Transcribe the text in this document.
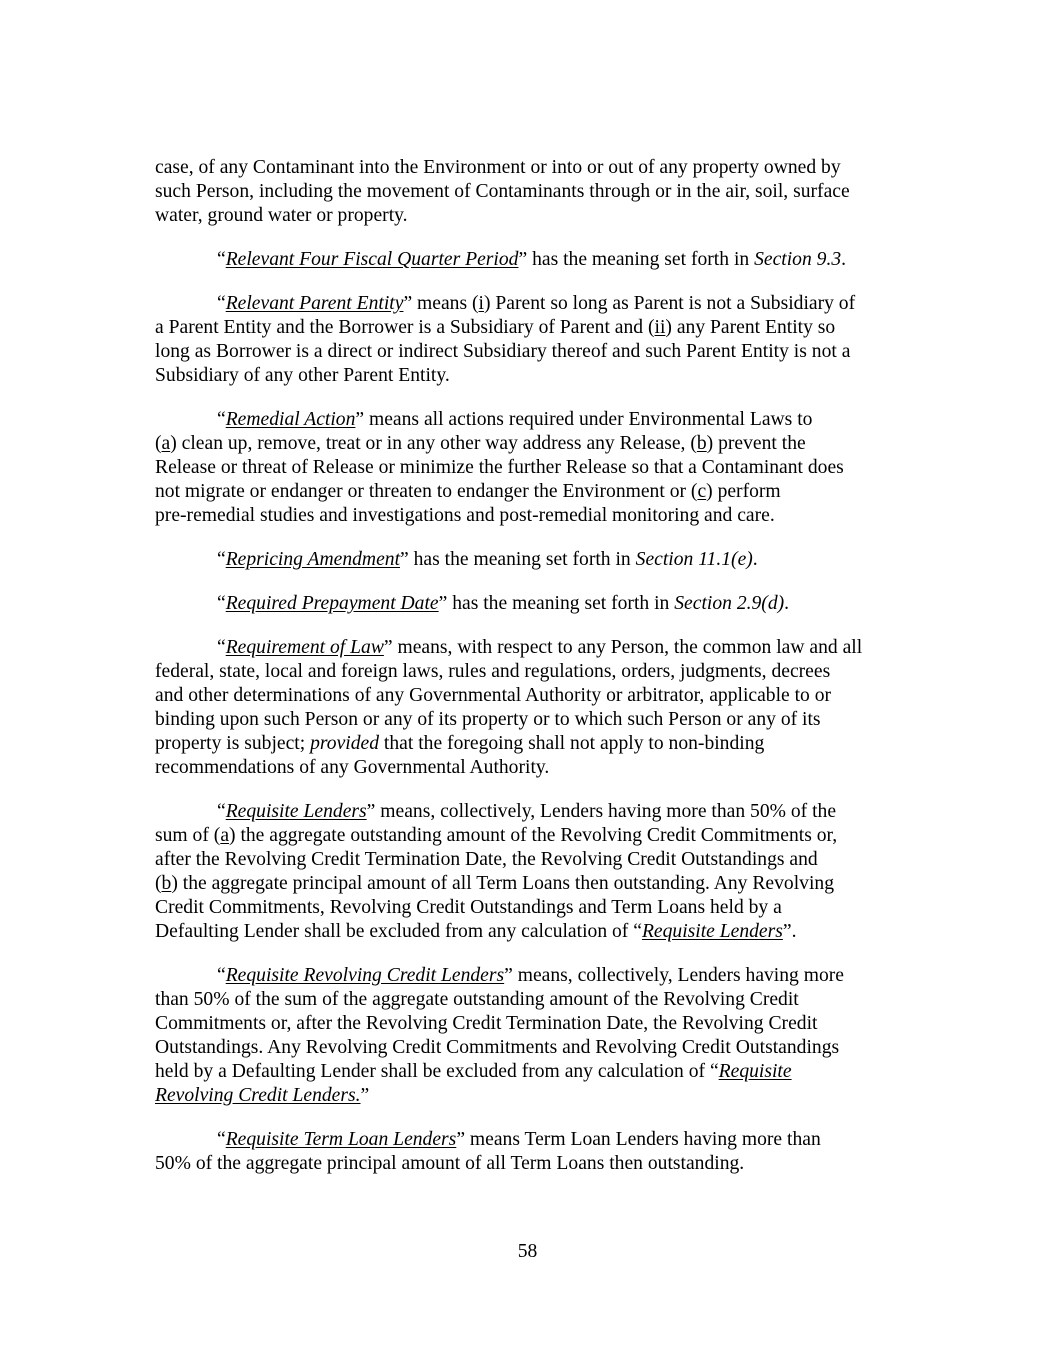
case, of any Contaminant into the Environment or into or out of any property owned by
such Person, including the movement of Contaminants through or in the air, soil, surface
water, ground water or property.

“Relevant Four Fiscal Quarter Period” has the meaning set forth in Section 9.3.

“Relevant Parent Entity” means (i) Parent so long as Parent is not a Subsidiary of
a Parent Entity and the Borrower is a Subsidiary of Parent and (ii) any Parent Entity so
long as Borrower is a direct or indirect Subsidiary thereof and such Parent Entity is not a
Subsidiary of any other Parent Entity.

“Remedial Action” means all actions required under Environmental Laws to
(a) clean up, remove, treat or in any other way address any Release, (b) prevent the
Release or threat of Release or minimize the further Release so that a Contaminant does
not migrate or endanger or threaten to endanger the Environment or (c) perform
pre-remedial studies and investigations and post-remedial monitoring and care.

“Repricing Amendment” has the meaning set forth in Section 11.1(e).

“Required Prepayment Date” has the meaning set forth in Section 2.9(d).

“Requirement of Law” means, with respect to any Person, the common law and all
federal, state, local and foreign laws, rules and regulations, orders, judgments, decrees
and other determinations of any Governmental Authority or arbitrator, applicable to or
binding upon such Person or any of its property or to which such Person or any of its
property is subject; provided that the foregoing shall not apply to non-binding
recommendations of any Governmental Authority.

“Requisite Lenders” means, collectively, Lenders having more than 50% of the
sum of (a) the aggregate outstanding amount of the Revolving Credit Commitments or,
after the Revolving Credit Termination Date, the Revolving Credit Outstandings and
(b) the aggregate principal amount of all Term Loans then outstanding. Any Revolving
Credit Commitments, Revolving Credit Outstandings and Term Loans held by a
Defaulting Lender shall be excluded from any calculation of “Requisite Lenders”.

“Requisite Revolving Credit Lenders” means, collectively, Lenders having more
than 50% of the sum of the aggregate outstanding amount of the Revolving Credit
Commitments or, after the Revolving Credit Termination Date, the Revolving Credit
Outstandings. Any Revolving Credit Commitments and Revolving Credit Outstandings
held by a Defaulting Lender shall be excluded from any calculation of “Requisite
Revolving Credit Lenders.”

“Requisite Term Loan Lenders” means Term Loan Lenders having more than
50% of the aggregate principal amount of all Term Loans then outstanding.

58
